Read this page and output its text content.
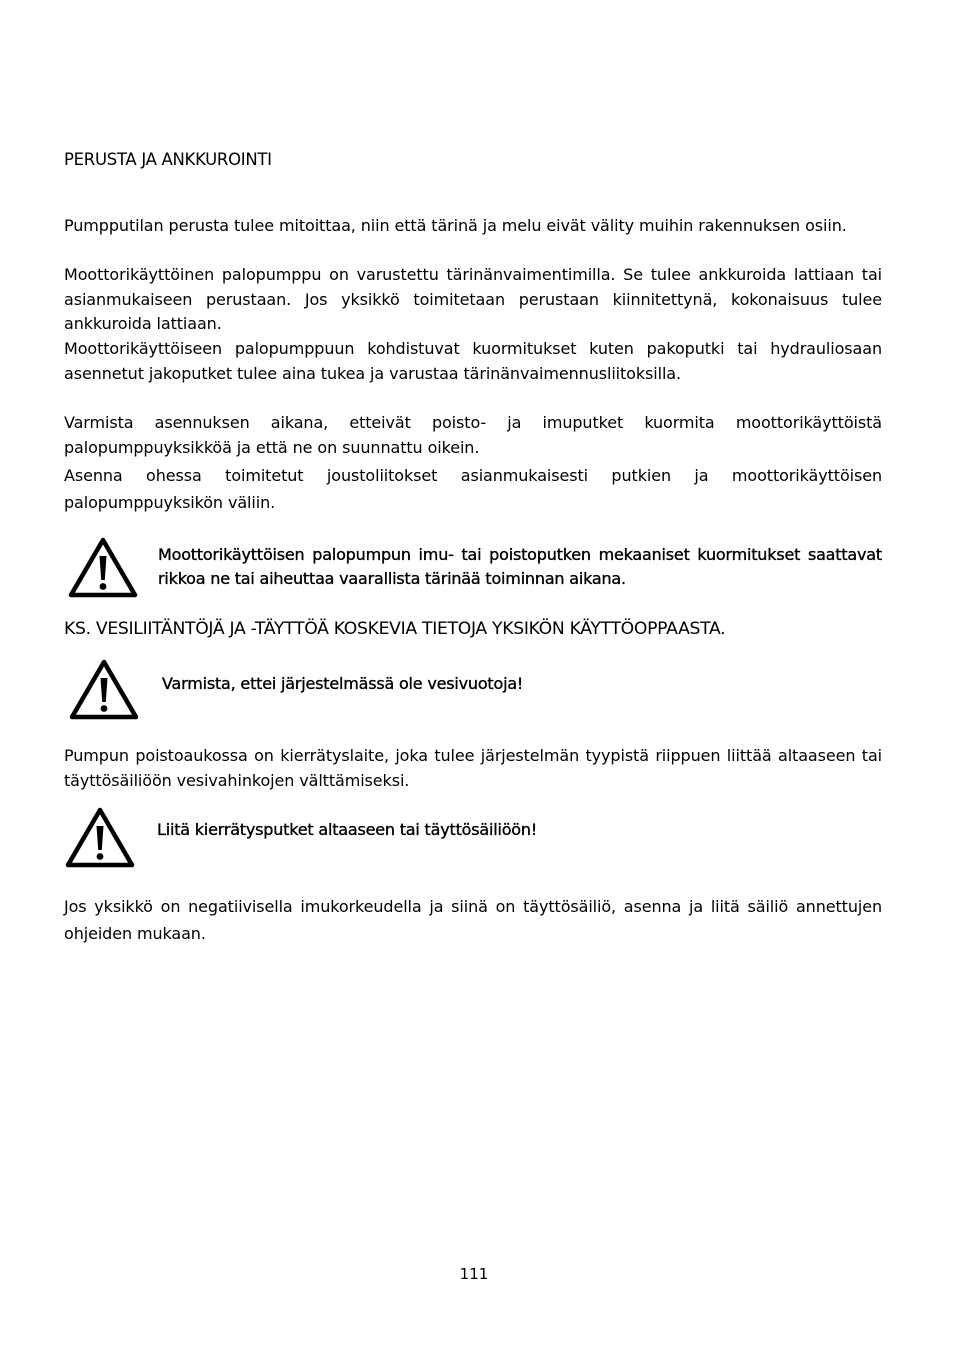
PERUSTA JA ANKKUROINTI

Pumpputilan perusta tulee mitoittaa, niin että tärinä ja melu eivät välity muihin rakennuksen osiin.

Moottorikäyttöinen palopumppu on varustettu tärinänvaimentimilla. Se tulee ankkuroida lattiaan tai asianmukaiseen perustaan. Jos yksikkö toimitetaan perustaan kiinnitettynä, kokonaisuus tulee ankkuroida lattiaan.

Moottorikäyttöiseen palopumppuun kohdistuvat kuormitukset kuten pakoputki tai hydrauliosaan asennetut jakoputket tulee aina tukea ja varustaa tärinänvaimennusliitoksilla.

Varmista asennuksen aikana, etteivät poisto- ja imuputket kuormita moottorikäyttöistä palopumppuyksikköä ja että ne on suunnattu oikein.

Asenna ohessa toimitetut joustoliitokset asianmukaisesti putkien ja moottorikäyttöisen palopumppuyksikön väliin.

Moottorikäyttöisen palopumpun imu- tai poistoputken mekaaniset kuormitukset saattavat rikkoa ne tai aiheuttaa vaarallista tärinää toiminnan aikana.

KS. VESILIITÄNTÖJÄ JA -TÄYTTÖÄ KOSKEVIA TIETOJA YKSIKÖN KÄYTTÖOPPAASTA.

Varmista, ettei järjestelmässä ole vesivuotoja!

Pumpun poistoaukossa on kierrätyslaite, joka tulee järjestelmän tyypistä riippuen liittää altaaseen tai täyttösäiliöön vesivahinkojen välttämiseksi.

Liitä kierrätysputket altaaseen tai täyttösäiliöön!

Jos yksikkö on negatiivisella imukorkeudella ja siinä on täyttösäiliö, asenna ja liitä säiliö annettujen ohjeiden mukaan.

111
